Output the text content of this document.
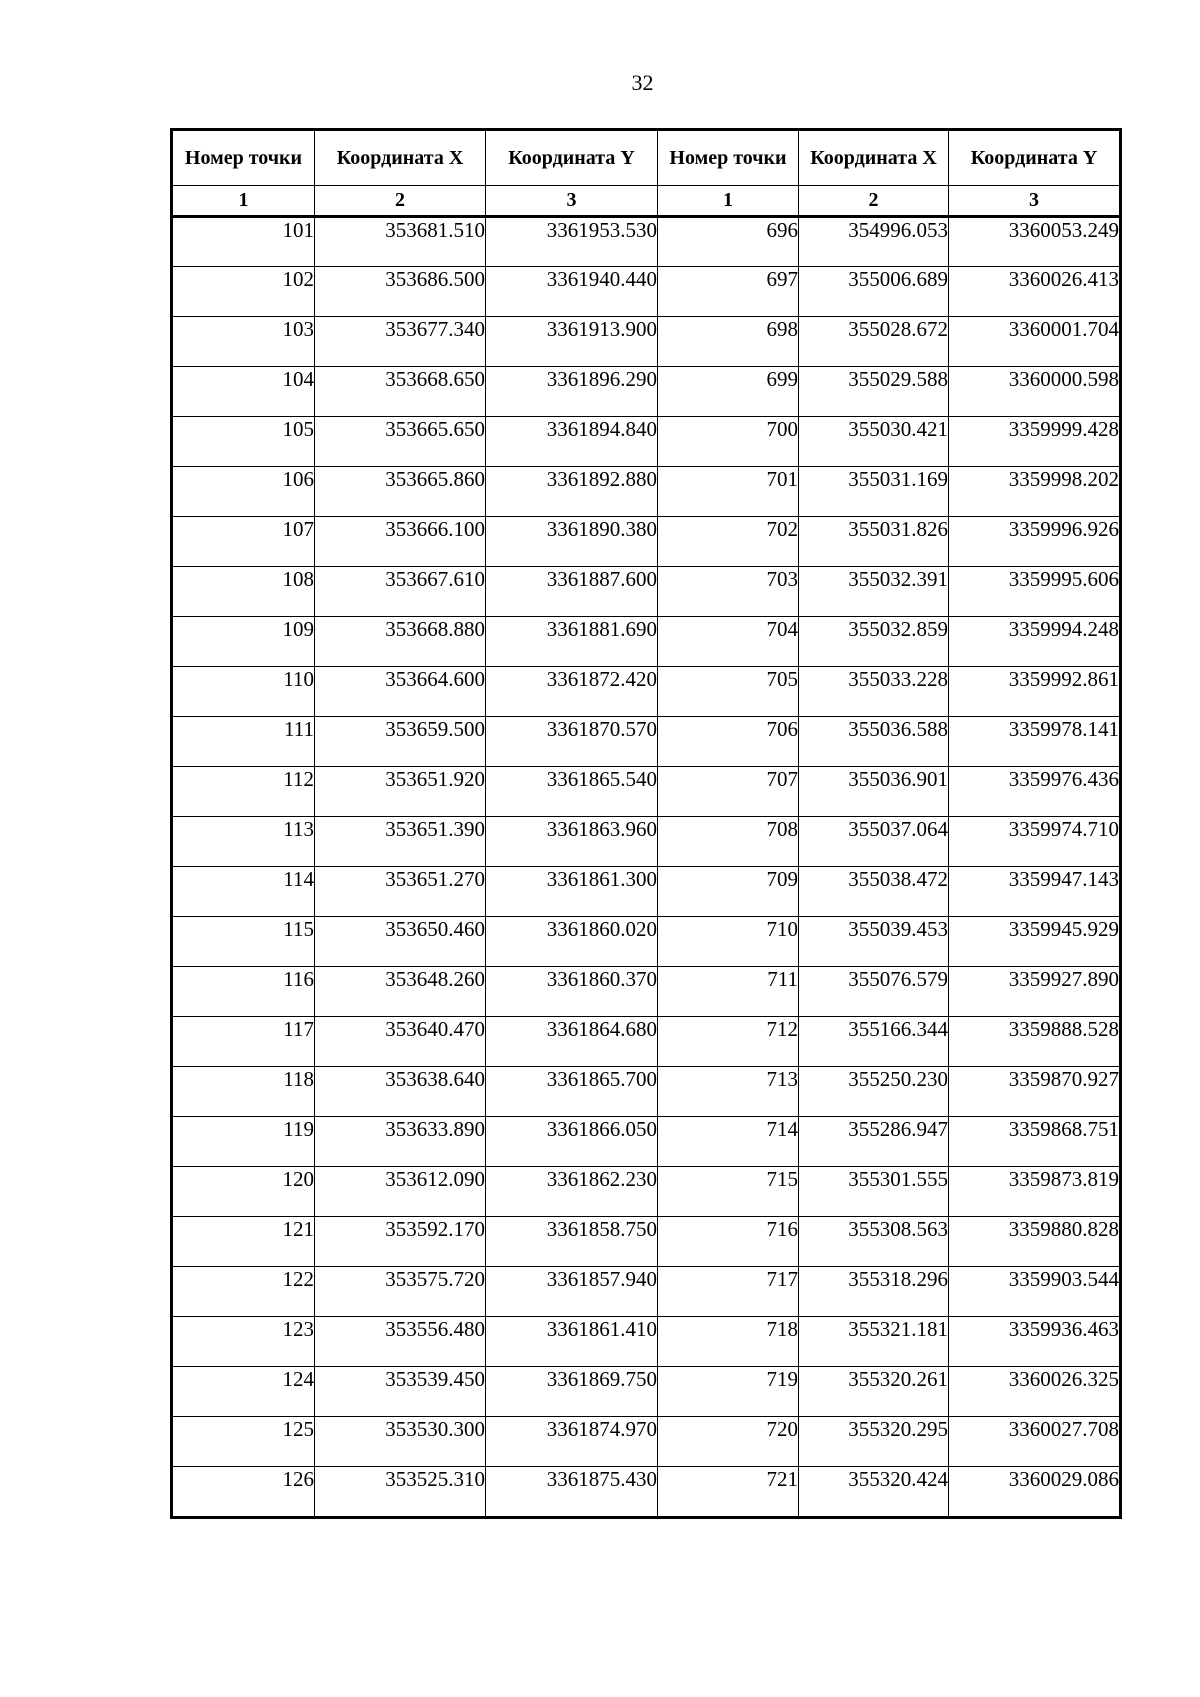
32
Номер точки	Координата X	Координата Y	Номер точки	Координата X	Координата Y
1	2	3	1	2	3
101	353681.510	3361953.530	696	354996.053	3360053.249
102	353686.500	3361940.440	697	355006.689	3360026.413
103	353677.340	3361913.900	698	355028.672	3360001.704
104	353668.650	3361896.290	699	355029.588	3360000.598
105	353665.650	3361894.840	700	355030.421	3359999.428
106	353665.860	3361892.880	701	355031.169	3359998.202
107	353666.100	3361890.380	702	355031.826	3359996.926
108	353667.610	3361887.600	703	355032.391	3359995.606
109	353668.880	3361881.690	704	355032.859	3359994.248
110	353664.600	3361872.420	705	355033.228	3359992.861
111	353659.500	3361870.570	706	355036.588	3359978.141
112	353651.920	3361865.540	707	355036.901	3359976.436
113	353651.390	3361863.960	708	355037.064	3359974.710
114	353651.270	3361861.300	709	355038.472	3359947.143
115	353650.460	3361860.020	710	355039.453	3359945.929
116	353648.260	3361860.370	711	355076.579	3359927.890
117	353640.470	3361864.680	712	355166.344	3359888.528
118	353638.640	3361865.700	713	355250.230	3359870.927
119	353633.890	3361866.050	714	355286.947	3359868.751
120	353612.090	3361862.230	715	355301.555	3359873.819
121	353592.170	3361858.750	716	355308.563	3359880.828
122	353575.720	3361857.940	717	355318.296	3359903.544
123	353556.480	3361861.410	718	355321.181	3359936.463
124	353539.450	3361869.750	719	355320.261	3360026.325
125	353530.300	3361874.970	720	355320.295	3360027.708
126	353525.310	3361875.430	721	355320.424	3360029.086
